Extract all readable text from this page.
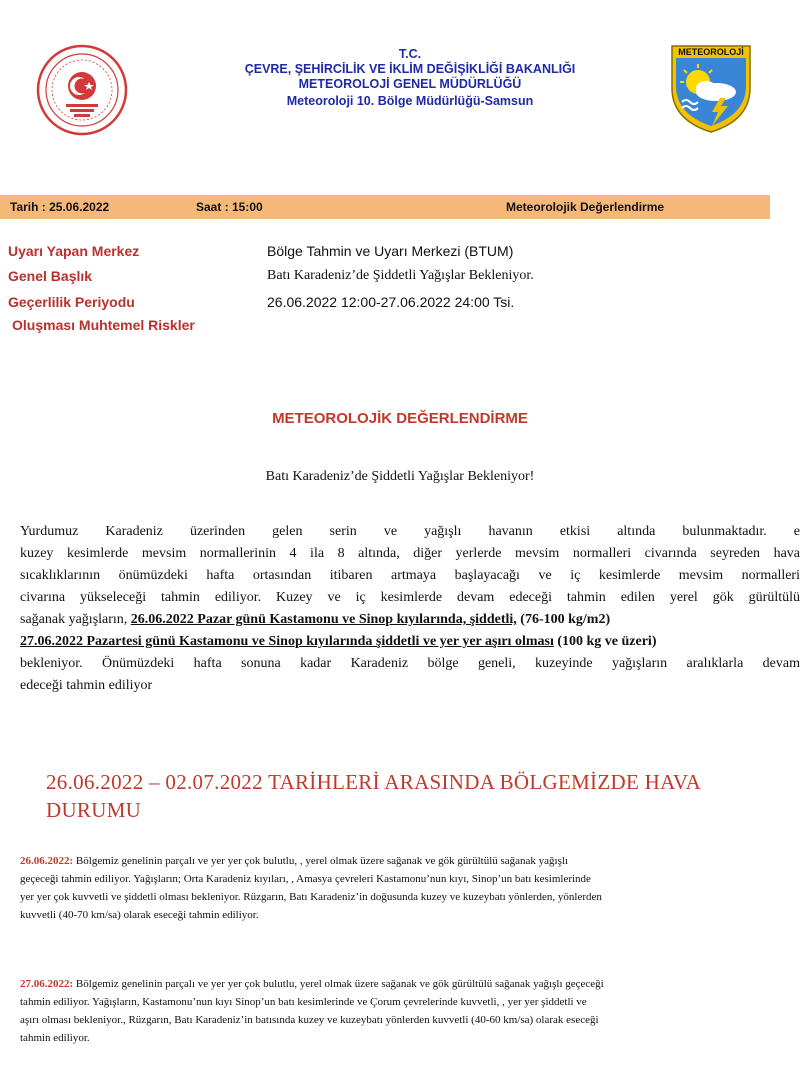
T.C.
ÇEVRE, ŞEHİRCİLİK VE İKLİM DEĞİŞİKLİĞİ BAKANLIĞI
METEOROLOJİ GENEL MÜDÜRLÜĞÜ
Meteoroloji 10. Bölge Müdürlüğü-Samsun
METEOROLOJİ
Tarih : 25.06.2022	Saat : 15:00	Meteorolojik Değerlendirme
Uyarı Yapan Merkez	Bölge Tahmin ve Uyarı Merkezi (BTUM)
Genel Başlık	Batı Karadeniz’de Şiddetli Yağışlar Bekleniyor.
Geçerlilik Periyodu	26.06.2022 12:00-27.06.2022 24:00 Tsi.
Oluşması Muhtemel Riskler
METEOROLOJİK DEĞERLENDİRME
Batı Karadeniz’de Şiddetli Yağışlar Bekleniyor!
Yurdumuz Karadeniz üzerinden gelen serin ve yağışlı havanın etkisi altında bulunmaktadır. e
kuzey kesimlerde mevsim normallerinin 4 ila 8 altında, diğer yerlerde mevsim normalleri civarında seyreden hava
sıcaklıklarının önümüzdeki hafta ortasından itibaren artmaya başlayacağı ve iç kesimlerde mevsim normalleri
civarına yükseleceği tahmin ediliyor. Kuzey ve iç kesimlerde devam edeceği tahmin edilen yerel gök gürültülü
sağanak yağışların, 26.06.2022 Pazar günü Kastamonu ve Sinop kıyılarında, şiddetli, (76-100 kg/m2)
27.06.2022 Pazartesi günü Kastamonu ve Sinop kıyılarında şiddetli ve yer yer aşırı olması (100 kg ve üzeri)
bekleniyor. Önümüzdeki hafta sonuna kadar Karadeniz bölge geneli, kuzeyinde yağışların aralıklarla devam
edeceği tahmin ediliyor
26.06.2022 – 02.07.2022 TARİHLERİ ARASINDA BÖLGEMİZDE HAVA
DURUMU
26.06.2022: Bölgemiz genelinin parçalı ve yer yer çok bulutlu, , yerel olmak üzere sağanak ve gök gürültülü sağanak yağışlı
geçeceği tahmin ediliyor. Yağışların; Orta Karadeniz kıyıları, , Amasya çevreleri Kastamonu’nun kıyı, Sinop’un batı kesimlerinde
yer yer çok kuvvetli ve şiddetli olması bekleniyor. Rüzgarın, Batı Karadeniz’in doğusunda kuzey ve kuzeybatı yönlerden, yönlerden
kuvvetli (40-70 km/sa) olarak eseceği tahmin ediliyor.
27.06.2022: Bölgemiz genelinin parçalı ve yer yer çok bulutlu, yerel olmak üzere sağanak ve gök gürültülü sağanak yağışlı geçeceği
tahmin ediliyor. Yağışların, Kastamonu’nun kıyı Sinop’un batı kesimlerinde ve Çorum çevrelerinde kuvvetli, , yer yer şiddetli ve
aşırı olması bekleniyor., Rüzgarın, Batı Karadeniz’in batısında kuzey ve kuzeybatı yönlerden kuvvetli (40-60 km/sa) olarak eseceği
tahmin ediliyor.
